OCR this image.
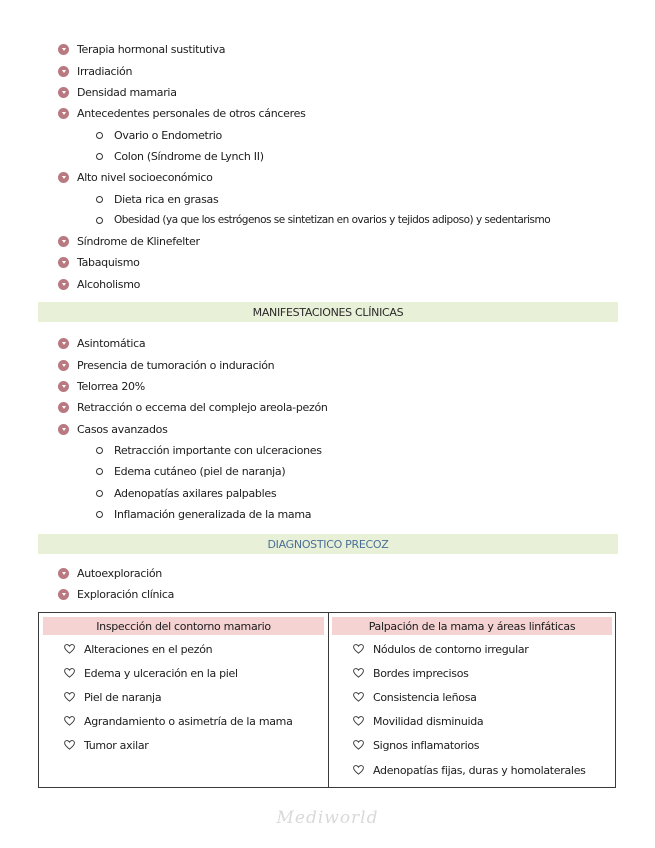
Terapia hormonal sustitutiva
Irradiación
Densidad mamaria
Antecedentes personales de otros cánceres
Ovario o Endometrio
Colon (Síndrome de Lynch II)
Alto nivel socioeconómico
Dieta rica en grasas
Obesidad (ya que los estrógenos se sintetizan en ovarios y tejidos adiposo) y sedentarismo
Síndrome de Klinefelter
Tabaquismo
Alcoholismo
MANIFESTACIONES CLÍNICAS
Asintomática
Presencia de tumoración o induración
Telorrea 20%
Retracción o eccema del complejo areola-pezón
Casos avanzados
Retracción importante con ulceraciones
Edema cutáneo (piel de naranja)
Adenopatías axilares palpables
Inflamación generalizada de la mama
DIAGNOSTICO PRECOZ
Autoexploración
Exploración clínica
Inspección del contorno mamario	Palpación de la mama y áreas linfáticas
Alteraciones en el pezón
Edema y ulceración en la piel
Piel de naranja
Agrandamiento o asimetría de la mama
Tumor axilar
Nódulos de contorno irregular
Bordes imprecisos
Consistencia leñosa
Movilidad disminuida
Signos inflamatorios
Adenopatías fijas, duras y homolaterales
Mediworld
